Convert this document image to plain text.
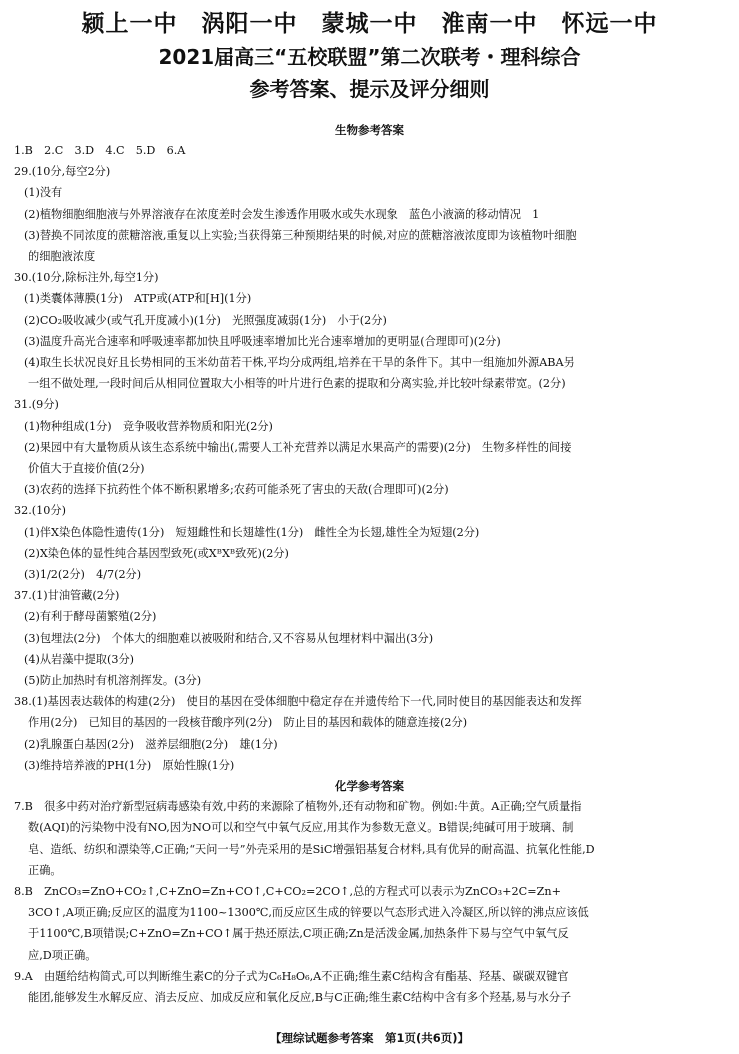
颍上一中　涡阳一中　蒙城一中　淮南一中　怀远一中
2021届高三“五校联盟”第二次联考・理科综合
参考答案、提示及评分细则
生物参考答案
1.B　2.C　3.D　4.C　5.D　6.A
29.(10分,每空2分)
(1)没有
(2)植物细胞细胞液与外界溶液存在浓度差时会发生渗透作用吸水或失水现象　蓝色小液滴的移动情况　1
(3)替换不同浓度的蔗糖溶液,重复以上实验;当获得第三种预期结果的时候,对应的蔗糖溶液浓度即为该植物叶细胞
的细胞液浓度
30.(10分,除标注外,每空1分)
(1)类囊体薄膜(1分)　ATP或(ATP和[H](1分)
(2)CO₂吸收减少(或气孔开度减小)(1分)　光照强度减弱(1分)　小于(2分)
(3)温度升高光合速率和呼吸速率都加快且呼吸速率增加比光合速率增加的更明显(合理即可)(2分)
(4)取生长状况良好且长势相同的玉米幼苗若干株,平均分成两组,培养在干旱的条件下。其中一组施加外源ABA另
一组不做处理,一段时间后从相同位置取大小相等的叶片进行色素的提取和分离实验,并比较叶绿素带宽。(2分)
31.(9分)
(1)物种组成(1分)　竞争吸收营养物质和阳光(2分)
(2)果园中有大量物质从该生态系统中输出(,需要人工补充营养以满足水果高产的需要)(2分)　生物多样性的间接
价值大于直接价值(2分)
(3)农药的选择下抗药性个体不断积累增多;农药可能杀死了害虫的天敌(合理即可)(2分)
32.(10分)
(1)伴X染色体隐性遗传(1分)　短翅雌性和长翅雄性(1分)　雌性全为长翅,雄性全为短翅(2分)
(2)X染色体的显性纯合基因型致死(或XᴮXᴮ致死)(2分)
(3)1/2(2分)　4/7(2分)
37.(1)甘油管藏(2分)
(2)有利于酵母菌繁殖(2分)
(3)包埋法(2分)　个体大的细胞难以被吸附和结合,又不容易从包埋材料中漏出(3分)
(4)从岩藻中提取(3分)
(5)防止加热时有机溶剂挥发。(3分)
38.(1)基因表达载体的构建(2分)　使目的基因在受体细胞中稳定存在并遗传给下一代,同时使目的基因能表达和发挥
作用(2分)　已知目的基因的一段核苷酸序列(2分)　防止目的基因和载体的随意连接(2分)
(2)乳腺蛋白基因(2分)　滋养层细胞(2分)　雄(1分)
(3)维持培养液的PH(1分)　原始性腺(1分)
化学参考答案
7.B　很多中药对治疗新型冠病毒感染有效,中药的来源除了植物外,还有动物和矿物。例如:牛黄。A正确;空气质量指
数(AQI)的污染物中没有NO,因为NO可以和空气中氧气反应,用其作为参数无意义。B错误;纯碱可用于玻璃、制
皂、造纸、纺织和漂染等,C正确;“天问一号”外壳采用的是SiC增强铝基复合材料,具有优异的耐高温、抗氧化性能,D
正确。
8.B　ZnCO₃=ZnO+CO₂↑,C+ZnO=Zn+CO↑,C+CO₂=2CO↑,总的方程式可以表示为ZnCO₃+2C=Zn+
3CO↑,A项正确;反应区的温度为1100~1300℃,而反应区生成的锌要以气态形式进入冷凝区,所以锌的沸点应该低
于1100℃,B项错误;C+ZnO=Zn+CO↑属于热还原法,C项正确;Zn是活泼金属,加热条件下易与空气中氧气反
应,D项正确。
9.A　由题给结构简式,可以判断维生素C的分子式为C₆H₈O₆,A不正确;维生素C结构含有酯基、羟基、碳碳双键官
能团,能够发生水解反应、消去反应、加成反应和氧化反应,B与C正确;维生素C结构中含有多个羟基,易与水分子
【理综试题参考答案　第1页(共6页)】
